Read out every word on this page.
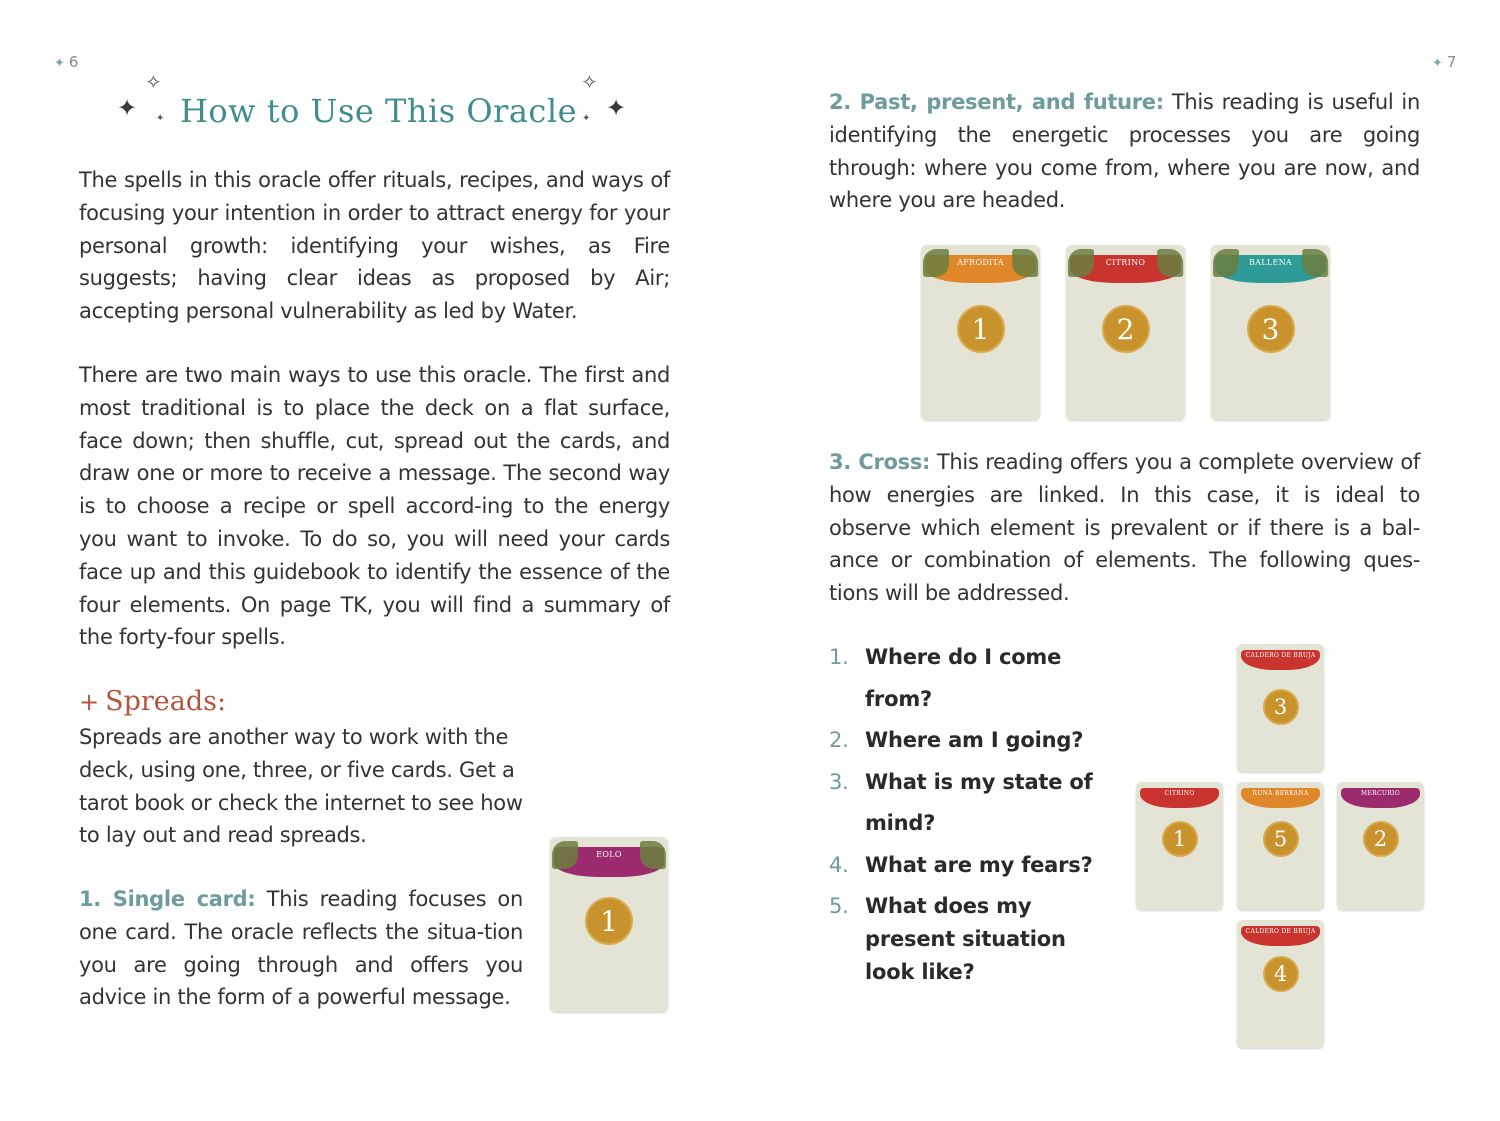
✦ 6
✦
✧
✦ How to Use This Oracle ✦
✧
✦
The spells in this oracle offer rituals, recipes, and ways of focusing your intention in order to attract energy for your personal growth: identifying your wishes, as Fire suggests; having clear ideas as proposed by Air; accepting personal vulnerability as led by Water.
There are two main ways to use this oracle. The first and most traditional is to place the deck on a flat surface, face down; then shuffle, cut, spread out the cards, and draw one or more to receive a message. The second way is to choose a recipe or spell accord-ing to the energy you want to invoke. To do so, you will need your cards face up and this guidebook to identify the essence of the four elements. On page TK, you will find a summary of the forty-four spells.
+ Spreads:
Spreads are another way to work with the deck, using one, three, or five cards. Get a tarot book or check the internet to see how to lay out and read spreads.
1. Single card: This reading focuses on one card. The oracle reflects the situa-tion you are going through and offers you advice in the form of a powerful message.
EOLO
1
✦ 7
2. Past, present, and future: This reading is useful in identifying the energetic processes you are going through: where you come from, where you are now, and where you are headed.
AFRODITA
1
CITRINO
2
BALLENA
3
3. Cross: This reading offers you a complete overview of how energies are linked. In this case, it is ideal to observe which element is prevalent or if there is a bal-ance or combination of elements. The following ques-tions will be addressed.
1. Where do I come from?
2. Where am I going?
3. What is my state of mind?
4. What are my fears?
5. What does my present situation look like?
CALDERO DE BRUJA
3
CITRINO
1
RUNA BERKANA
5
MERCURIO
2
CALDERO DE BRUJA
4
